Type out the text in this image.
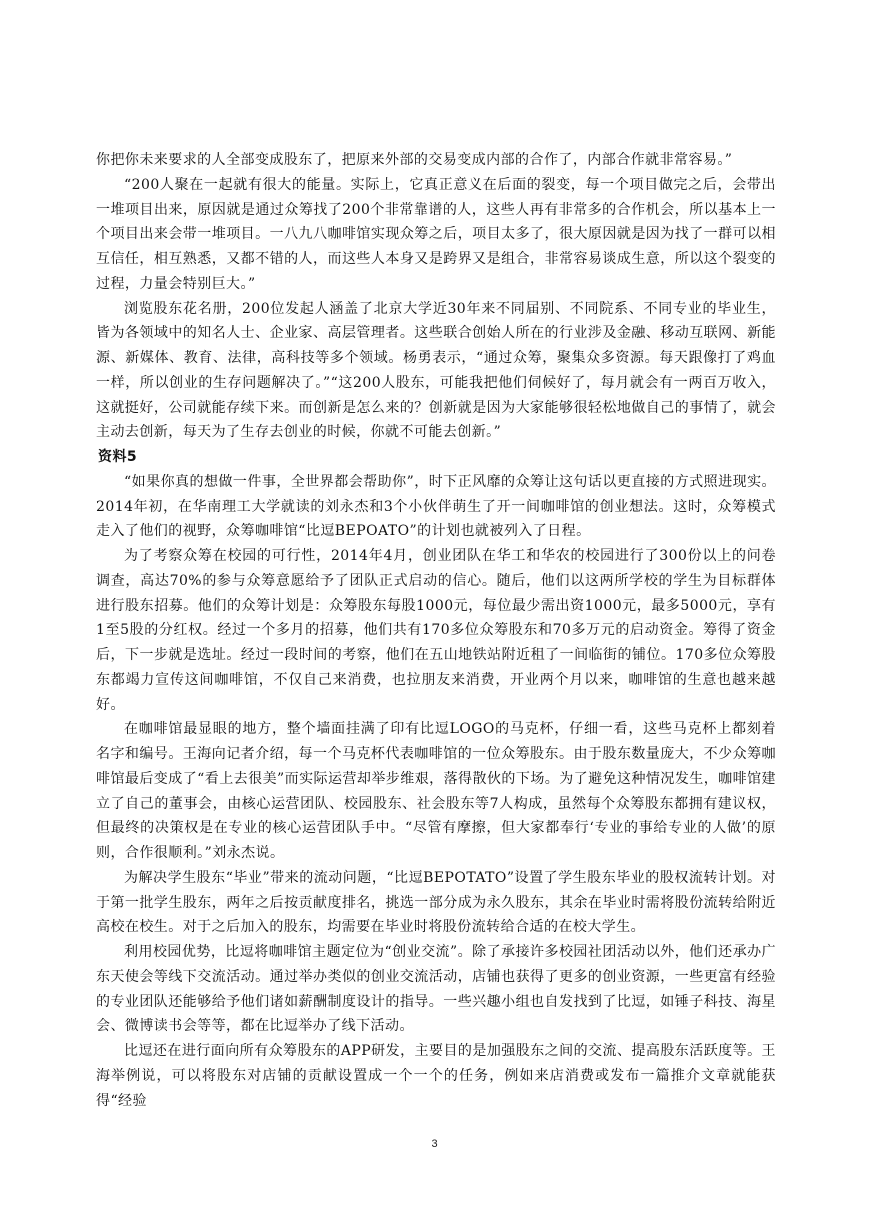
你把你未来要求的人全部变成股东了，把原来外部的交易变成内部的合作了，内部合作就非常容易。”

“200人聚在一起就有很大的能量。实际上，它真正意义在后面的裂变，每一个项目做完之后，会带出一堆项目出来，原因就是通过众筹找了200个非常靠谱的人，这些人再有非常多的合作机会，所以基本上一个项目出来会带一堆项目。一八九八咖啡馆实现众筹之后，项目太多了，很大原因就是因为找了一群可以相互信任，相互熟悉，又都不错的人，而这些人本身又是跨界又是组合，非常容易谈成生意，所以这个裂变的过程，力量会特别巨大。”

浏览股东花名册，200位发起人涵盖了北京大学近30年来不同届别、不同院系、不同专业的毕业生，皆为各领域中的知名人士、企业家、高层管理者。这些联合创始人所在的行业涉及金融、移动互联网、新能源、新媒体、教育、法律，高科技等多个领域。杨勇表示，“通过众筹，聚集众多资源。每天跟像打了鸡血一样，所以创业的生存问题解决了。”“这200人股东，可能我把他们伺候好了，每月就会有一两百万收入，这就挺好，公司就能存续下来。而创新是怎么来的？创新就是因为大家能够很轻松地做自己的事情了，就会主动去创新，每天为了生存去创业的时候，你就不可能去创新。”

资料5

“如果你真的想做一件事，全世界都会帮助你”，时下正风靡的众筹让这句话以更直接的方式照进现实。2014年初，在华南理工大学就读的刘永杰和3个小伙伴萌生了开一间咖啡馆的创业想法。这时，众筹模式走入了他们的视野，众筹咖啡馆“比逗BEPOATO”的计划也就被列入了日程。

为了考察众筹在校园的可行性，2014年4月，创业团队在华工和华农的校园进行了300份以上的问卷调查，高达70%的参与众筹意愿给予了团队正式启动的信心。随后，他们以这两所学校的学生为目标群体进行股东招募。他们的众筹计划是：众筹股东每股1000元，每位最少需出资1000元，最多5000元，享有1至5股的分红权。经过一个多月的招募，他们共有170多位众筹股东和70多万元的启动资金。筹得了资金后，下一步就是选址。经过一段时间的考察，他们在五山地铁站附近租了一间临街的铺位。170多位众筹股东都竭力宣传这间咖啡馆，不仅自己来消费，也拉朋友来消费，开业两个月以来，咖啡馆的生意也越来越好。

在咖啡馆最显眼的地方，整个墙面挂满了印有比逗LOGO的马克杯，仔细一看，这些马克杯上都刻着名字和编号。王海向记者介绍，每一个马克杯代表咖啡馆的一位众筹股东。由于股东数量庞大，不少众筹咖啡馆最后变成了“看上去很美”而实际运营却举步维艰，落得散伙的下场。为了避免这种情况发生，咖啡馆建立了自己的董事会，由核心运营团队、校园股东、社会股东等7人构成，虽然每个众筹股东都拥有建议权，但最终的决策权是在专业的核心运营团队手中。“尽管有摩擦，但大家都奉行‘专业的事给专业的人做’的原则，合作很顺利。”刘永杰说。

为解决学生股东“毕业”带来的流动问题，“比逗BEPOTATO”设置了学生股东毕业的股权流转计划。对于第一批学生股东，两年之后按贡献度排名，挑选一部分成为永久股东，其余在毕业时需将股份流转给附近高校在校生。对于之后加入的股东，均需要在毕业时将股份流转给合适的在校大学生。

利用校园优势，比逗将咖啡馆主题定位为“创业交流”。除了承接许多校园社团活动以外，他们还承办广东天使会等线下交流活动。通过举办类似的创业交流活动，店铺也获得了更多的创业资源，一些更富有经验的专业团队还能够给予他们诸如薪酬制度设计的指导。一些兴趣小组也自发找到了比逗，如锤子科技、海星会、微博读书会等等，都在比逗举办了线下活动。

比逗还在进行面向所有众筹股东的APP研发，主要目的是加强股东之间的交流、提高股东活跃度等。王海举例说，可以将股东对店铺的贡献设置成一个一个的任务，例如来店消费或发布一篇推介文章就能获得“经验

3
